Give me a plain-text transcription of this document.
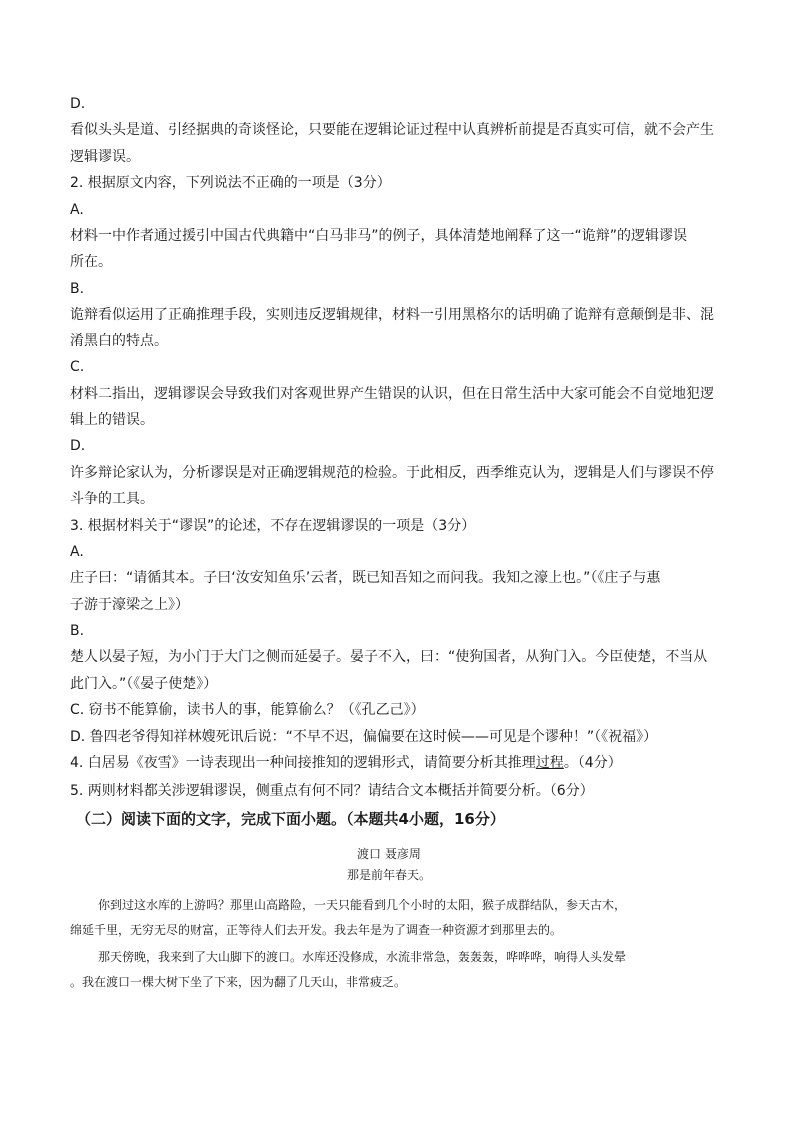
D.
看似头头是道、引经据典的奇谈怪论，只要能在逻辑论证过程中认真辨析前提是否真实可信，就不会产生
逻辑谬误。
2. 根据原文内容，下列说法不正确的一项是（3分）
A.
材料一中作者通过援引中国古代典籍中“白马非马”的例子，具体清楚地阐释了这一“诡辩”的逻辑谬误
所在。
B.
诡辩看似运用了正确推理手段，实则违反逻辑规律，材料一引用黑格尔的话明确了诡辩有意颠倒是非、混
淆黑白的特点。
C.
材料二指出，逻辑谬误会导致我们对客观世界产生错误的认识，但在日常生活中大家可能会不自觉地犯逻
辑上的错误。
D.
许多辩论家认为，分析谬误是对正确逻辑规范的检验。于此相反，西季维克认为，逻辑是人们与谬误不停
斗争的工具。
3. 根据材料关于“谬误”的论述，不存在逻辑谬误的一项是（3分）
A.
庄子曰：“请循其本。子曰‘汝安知鱼乐’云者，既已知吾知之而问我。我知之濠上也。”（《庄子与惠
子游于濠梁之上》）
B.
楚人以晏子短，为小门于大门之侧而延晏子。晏子不入，曰：“使狗国者，从狗门入。今臣使楚，不当从
此门入。”（《晏子使楚》）
C. 窃书不能算偷，读书人的事，能算偷么？（《孔乙己》）
D. 鲁四老爷得知祥林嫂死讯后说：“不早不迟，偏偏要在这时候——可见是个谬种！”（《祝福》）
4. 白居易《夜雪》一诗表现出一种间接推知的逻辑形式，请简要分析其推理过程。（4分）
5. 两则材料都关涉逻辑谬误，侧重点有何不同？请结合文本概括并简要分析。（6分）
（二）阅读下面的文字，完成下面小题。（本题共4小题，16分）
渡口 聂彦周
那是前年春天。
你到过这水库的上游吗？那里山高路险，一天只能看到几个小时的太阳，猴子成群结队，参天古木，
绵延千里，无穷无尽的财富，正等待人们去开发。我去年是为了调查一种资源才到那里去的。
那天傍晚，我来到了大山脚下的渡口。水库还没修成，水流非常急，轰轰轰，哗哗哗，响得人头发晕
。我在渡口一棵大树下坐了下来，因为翻了几天山，非常疲乏。
